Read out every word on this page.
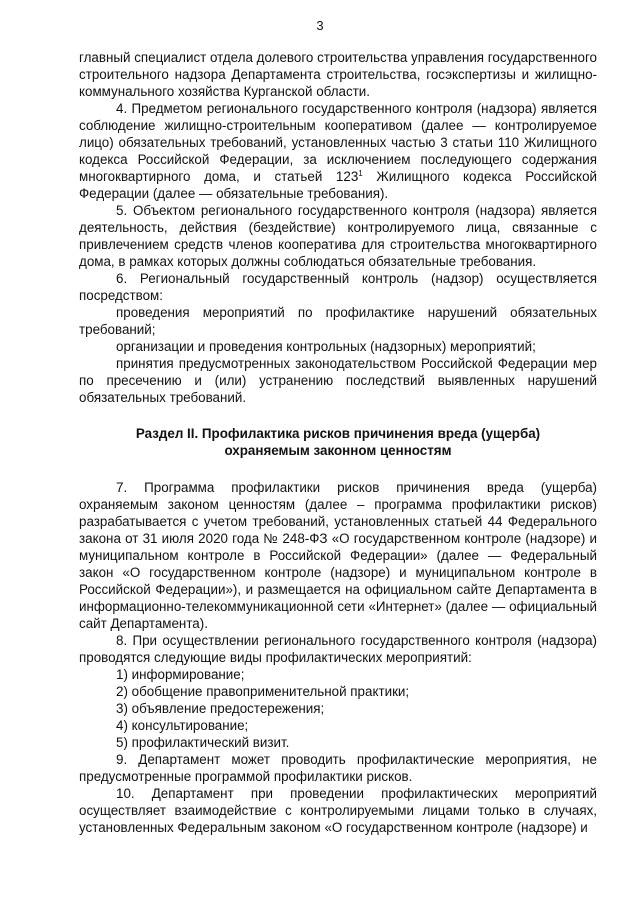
3

главный специалист отдела долевого строительства управления государственного строительного надзора Департамента строительства, госэкспертизы и жилищно-коммунального хозяйства Курганской области.

4. Предметом регионального государственного контроля (надзора) является соблюдение жилищно-строительным кооперативом (далее — контролируемое лицо) обязательных требований, установленных частью 3 статьи 110 Жилищного кодекса Российской Федерации, за исключением последующего содержания многоквартирного дома, и статьей $123^1$ Жилищного кодекса Российской Федерации (далее — обязательные требования).

5. Объектом регионального государственного контроля (надзора) является деятельность, действия (бездействие) контролируемого лица, связанные с привлечением средств членов кооператива для строительства многоквартирного дома, в рамках которых должны соблюдаться обязательные требования.

6. Региональный государственный контроль (надзор) осуществляется посредством:

проведения мероприятий по профилактике нарушений обязательных требований;

организации и проведения контрольных (надзорных) мероприятий;

принятия предусмотренных законодательством Российской Федерации мер по пресечению и (или) устранению последствий выявленных нарушений обязательных требований.

Раздел II. Профилактика рисков причинения вреда (ущерба)
охраняемым законном ценностям

7. Программа профилактики рисков причинения вреда (ущерба) охраняемым законом ценностям (далее – программа профилактики рисков) разрабатывается с учетом требований, установленных статьей 44 Федерального закона от 31 июля 2020 года № 248-ФЗ «О государственном контроле (надзоре) и муниципальном контроле в Российской Федерации» (далее — Федеральный закон «О государственном контроле (надзоре) и муниципальном контроле в Российской Федерации»), и размещается на официальном сайте Департамента в информационно-телекоммуникационной сети «Интернет» (далее — официальный сайт Департамента).

8. При осуществлении регионального государственного контроля (надзора) проводятся следующие виды профилактических мероприятий:

1) информирование;

2) обобщение правоприменительной практики;

3) объявление предостережения;

4) консультирование;

5) профилактический визит.

9. Департамент может проводить профилактические мероприятия, не предусмотренные программой профилактики рисков.

10. Департамент при проведении профилактических мероприятий осуществляет взаимодействие с контролируемыми лицами только в случаях, установленных Федеральным законом «О государственном контроле (надзоре) и
